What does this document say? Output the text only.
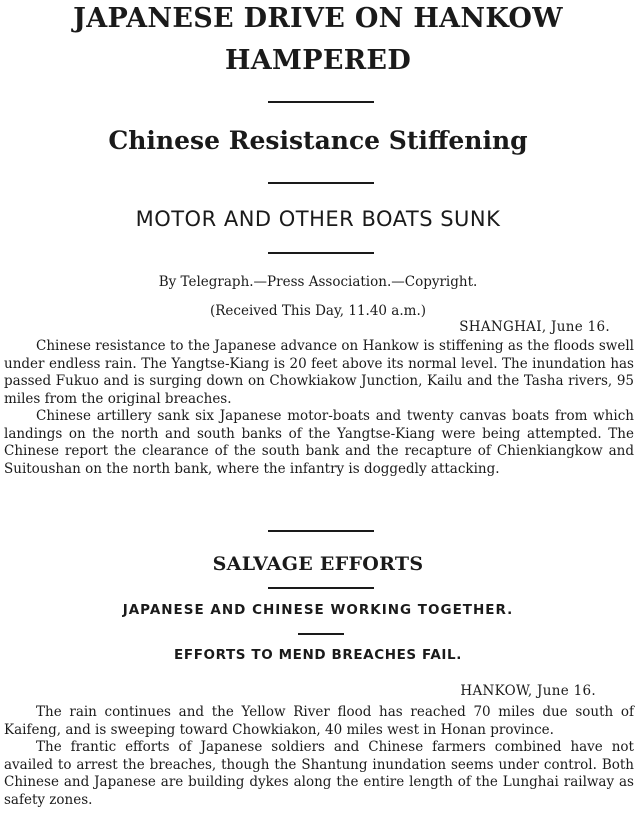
JAPANESE DRIVE ON HANKOW
HAMPERED
Chinese Resistance Stiffening
MOTOR AND OTHER BOATS SUNK

By Telegraph.—Press Association.—Copyright.

(Received This Day, 11.40 a.m.)

SHANGHAI, June 16.

Chinese resistance to the Japanese advance on Hankow is stiffening as the floods swell under endless rain. The Yangtse-Kiang is 20 feet above its normal level. The inundation has passed Fukuo and is surging down on Chowkiakow Junction, Kailu and the Tasha rivers, 95 miles from the original breaches.

Chinese artillery sank six Japanese motor-boats and twenty canvas boats from which landings on the north and south banks of the Yangtse-Kiang were being attempted. The Chinese report the clearance of the south bank and the recapture of Chienkiangkow and Suitoushan on the north bank, where the infantry is doggedly attacking.

SALVAGE EFFORTS
JAPANESE AND CHINESE WORKING TOGETHER.
EFFORTS TO MEND BREACHES FAIL.

HANKOW, June 16.

The rain continues and the Yellow River flood has reached 70 miles due south of Kaifeng, and is sweeping toward Chowkiakon, 40 miles west in Honan province.

The frantic efforts of Japanese soldiers and Chinese farmers combined have not availed to arrest the breaches, though the Shantung inundation seems under control. Both Chinese and Japanese are building dykes along the entire length of the Lunghai railway as safety zones.
